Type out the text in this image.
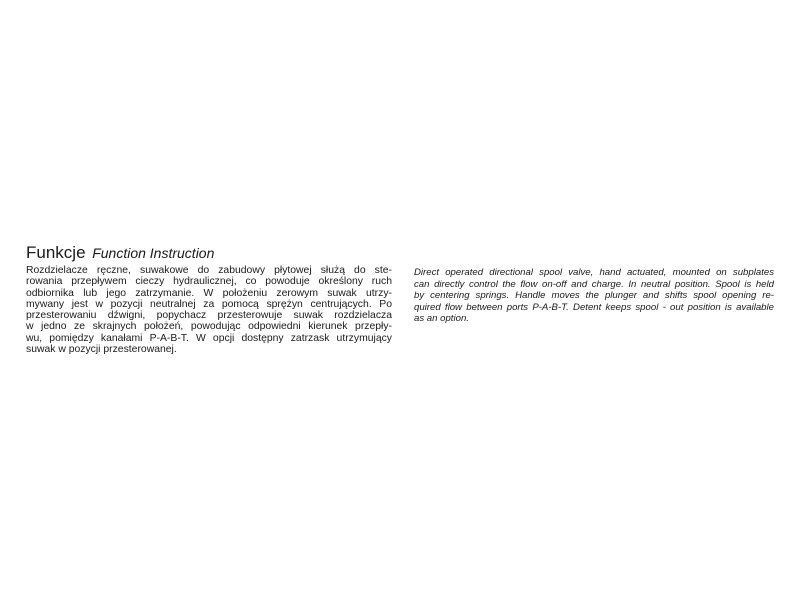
Funkcje Function Instruction
Rozdzielacze ręczne, suwakowe do zabudowy płytowej służą do ste-
rowania przepływem cieczy hydraulicznej, co powoduje określony ruch
odbiornika lub jego zatrzymanie. W położeniu zerowym suwak utrzy-
mywany jest w pozycji neutralnej za pomocą sprężyn centrujących. Po
przesterowaniu dźwigni, popychacz przesterowuje suwak rozdzielacza
w jedno ze skrajnych położeń, powodując odpowiedni kierunek przepły-
wu, pomiędzy kanałami P-A-B-T. W opcji dostępny zatrzask utrzymujący
suwak w pozycji przesterowanej.
Direct operated directional spool valve, hand actuated, mounted on subplates
can directly control the flow on-off and charge. In neutral position. Spool is held
by centering springs. Handle moves the plunger and shifts spool opening re-
quired flow between ports P-A-B-T. Detent keeps spool - out position is available
as an option.
